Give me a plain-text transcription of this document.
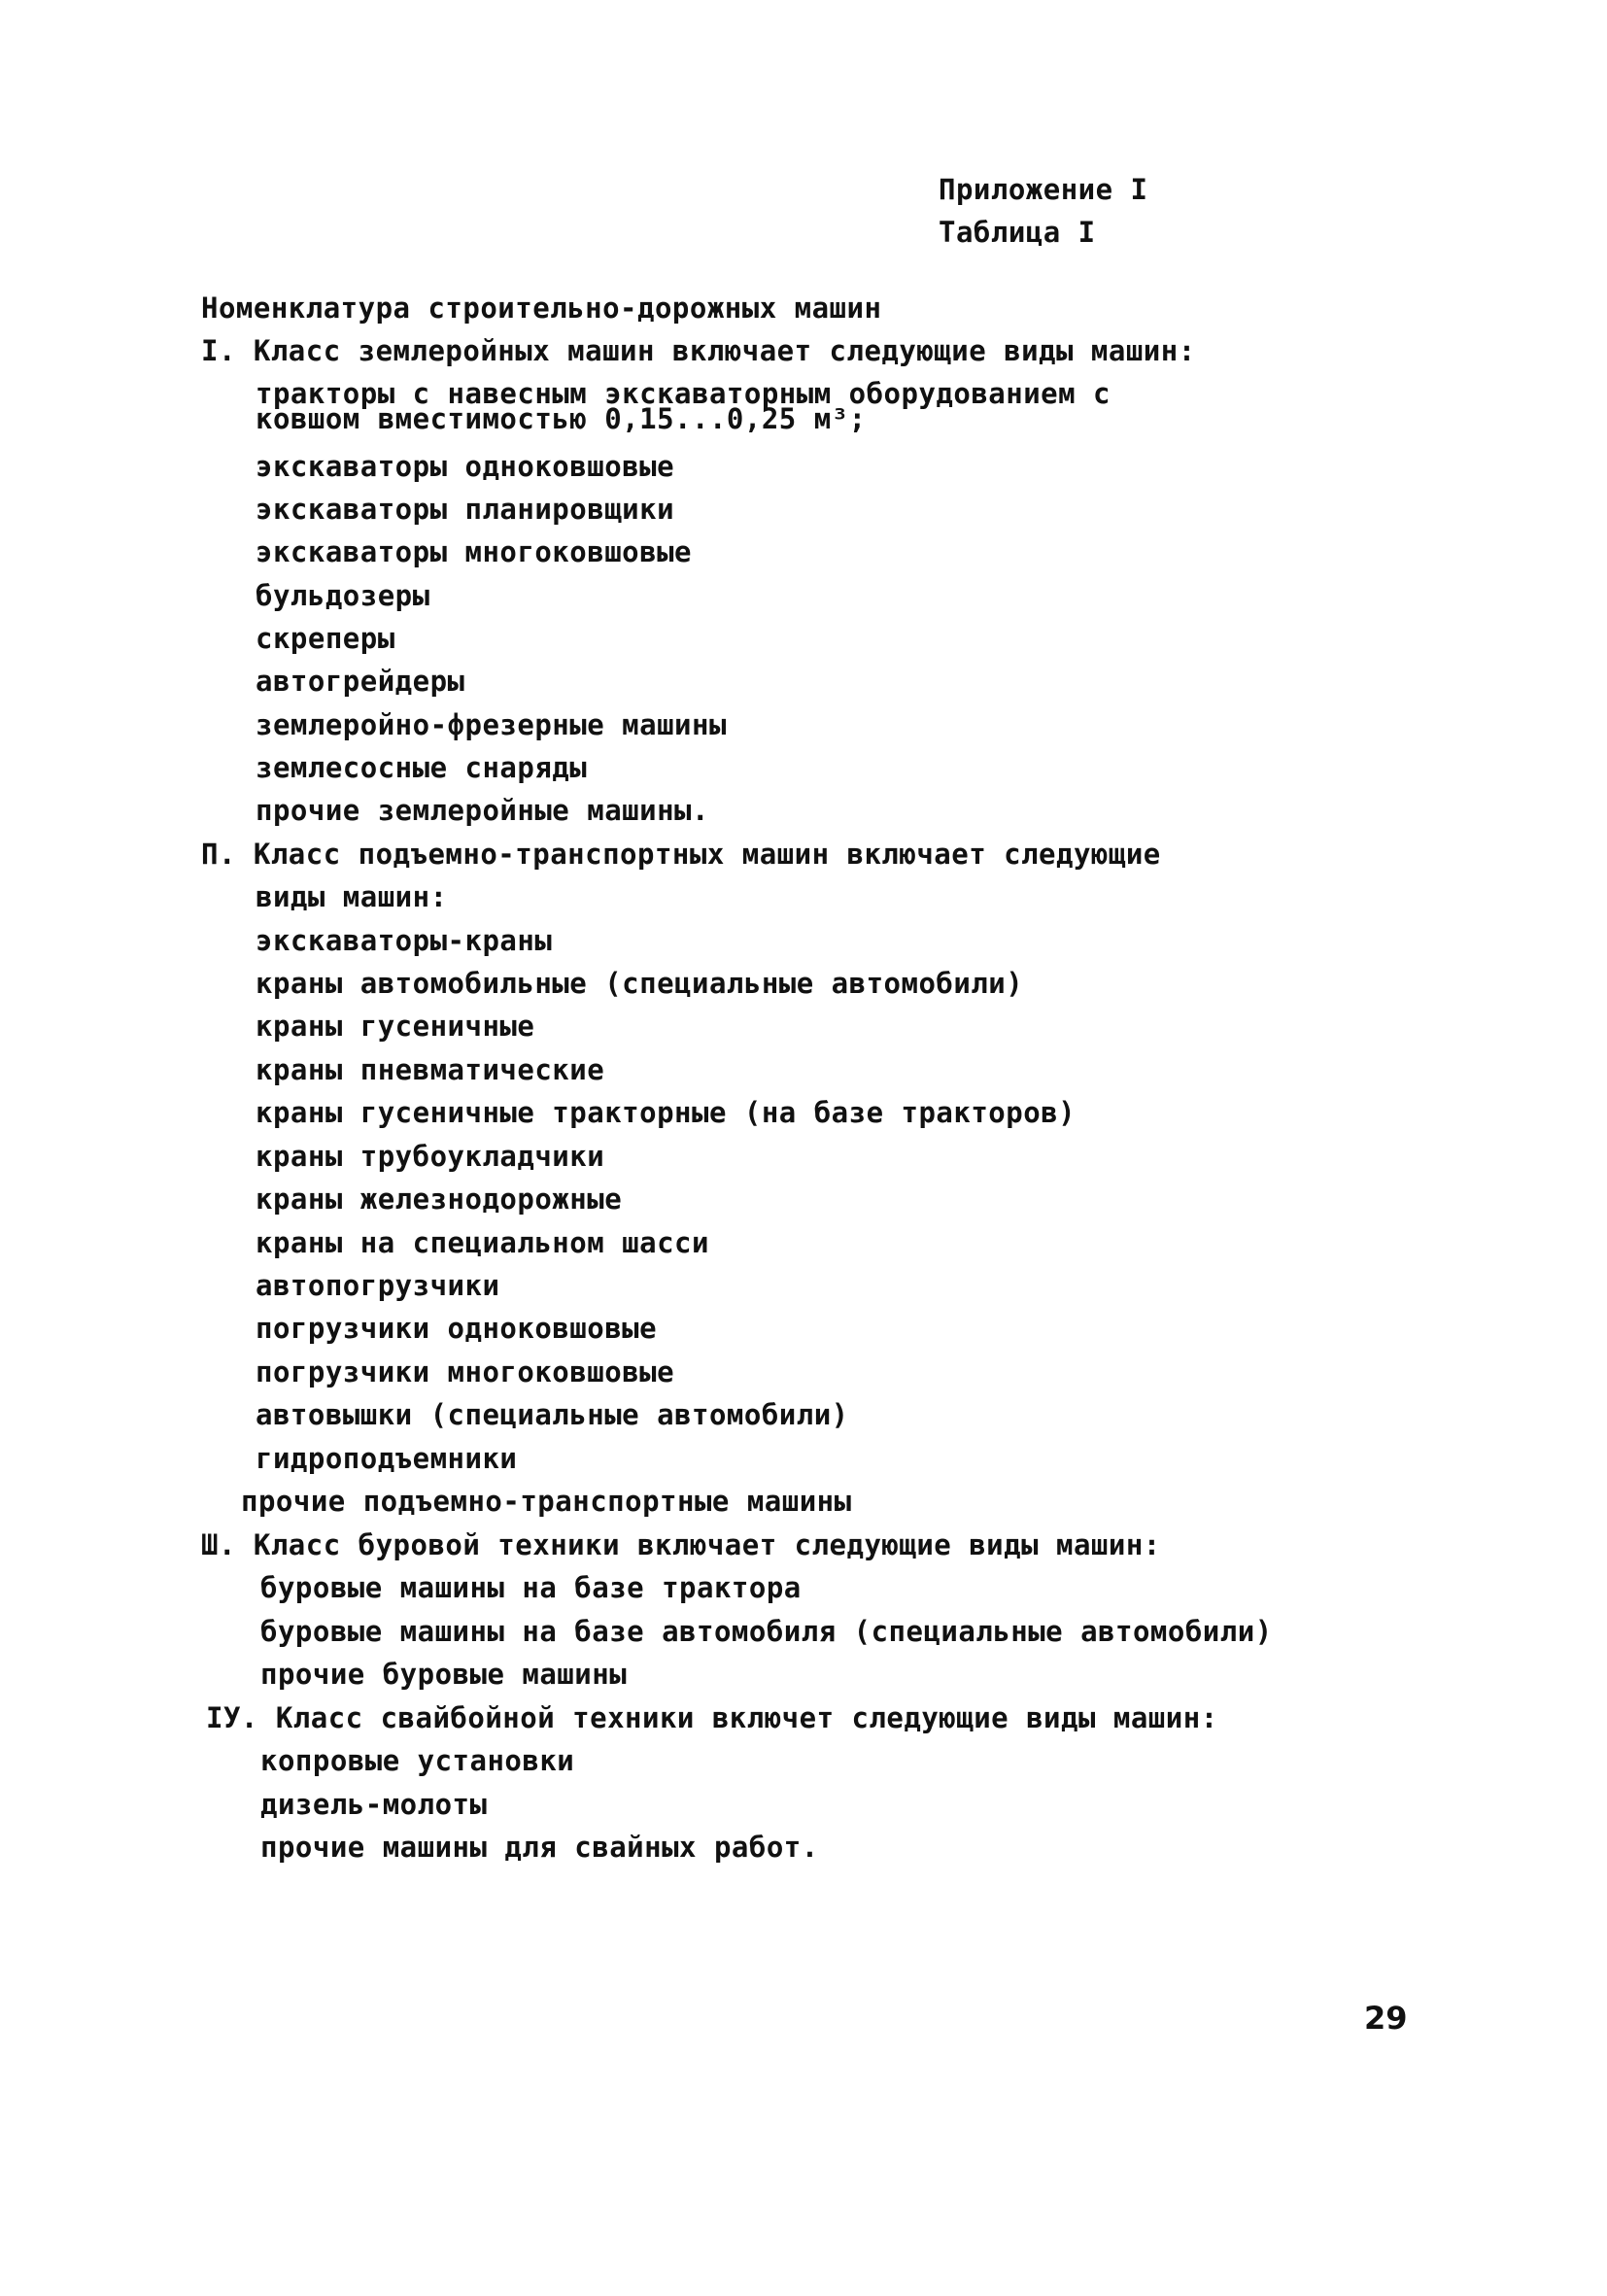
Приложение I
Таблица I
Номенклатура строительно-дорожных машин
I. Класс землеройных машин включает следующие виды машин:
тракторы с навесным экскаваторным оборудованием с
ковшом вместимостью 0,15...0,25 м³;
экскаваторы одноковшовые
экскаваторы планировщики
экскаваторы многоковшовые
бульдозеры
скреперы
автогрейдеры
землеройно-фрезерные машины
землесосные снаряды
прочие землеройные машины.
П. Класс подъемно-транспортных машин включает следующие
виды машин:
экскаваторы-краны
краны автомобильные (специальные автомобили)
краны гусеничные
краны пневматические
краны гусеничные тракторные (на базе тракторов)
краны трубоукладчики
краны железнодорожные
краны на специальном шасси
автопогрузчики
погрузчики одноковшовые
погрузчики многоковшовые
автовышки (специальные автомобили)
гидроподъемники
прочие подъемно-транспортные машины
Ш. Класс буровой техники включает следующие виды машин:
буровые машины на базе трактора
буровые машины на базе автомобиля (специальные автомобили)
прочие буровые машины
ІУ. Класс свайбойной техники включет следующие виды машин:
копровые установки
дизель-молоты
прочие машины для свайных работ.
29
